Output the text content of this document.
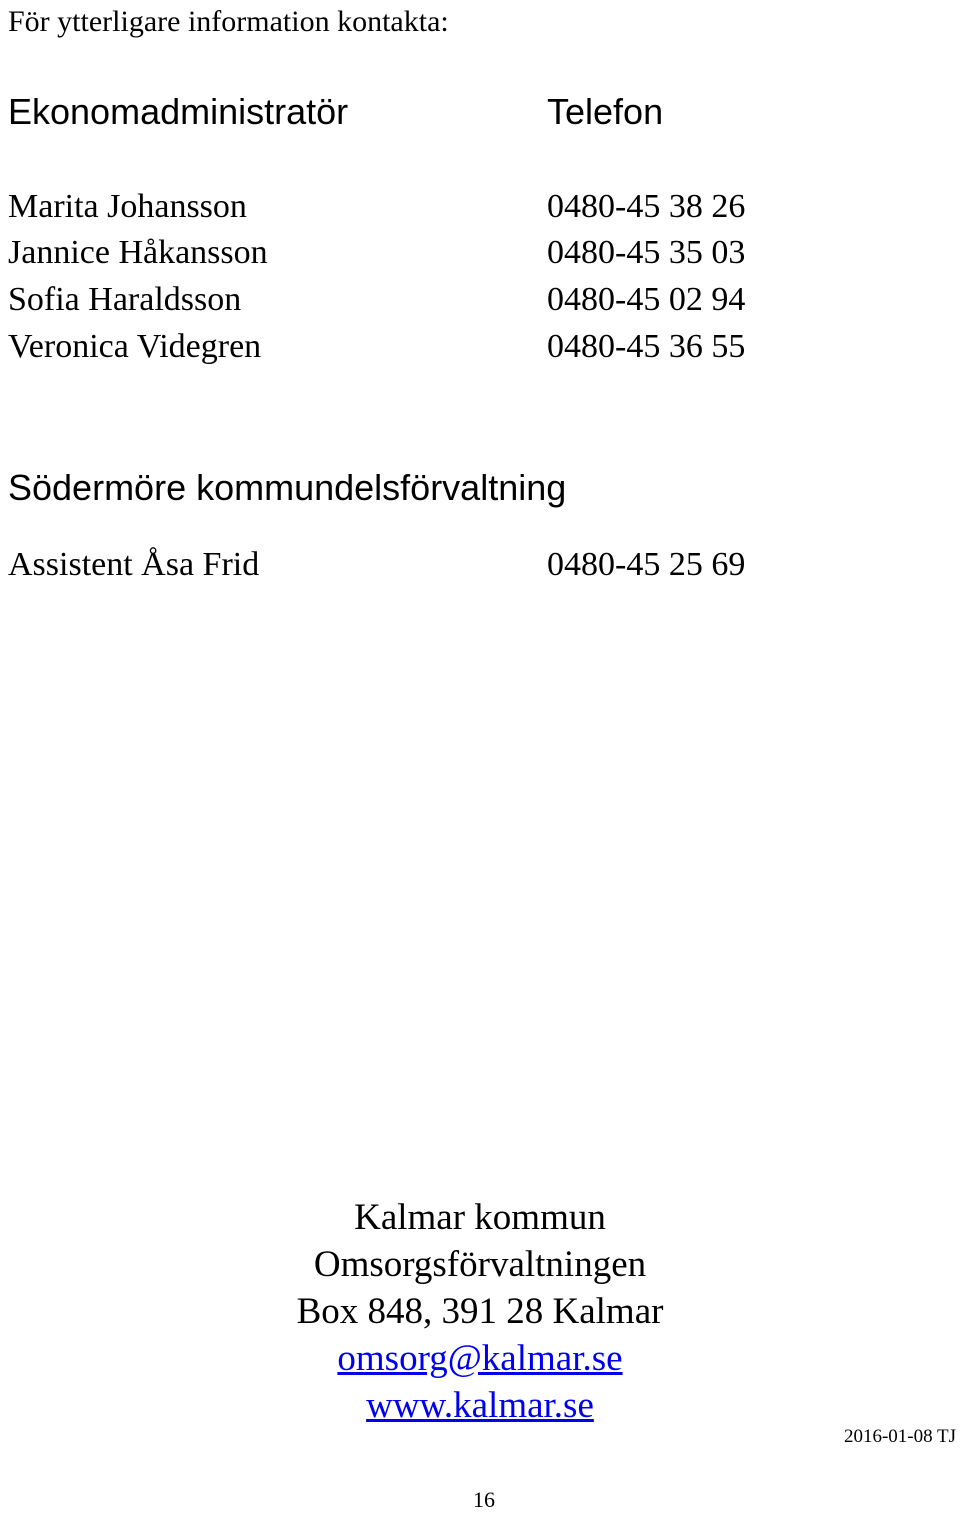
För ytterligare information kontakta:
Ekonomadministratör	Telefon
Marita Johansson	0480-45 38 26
Jannice Håkansson	0480-45 35 03
Sofia Haraldsson	0480-45 02 94
Veronica Videgren	0480-45 36 55
Södermöre kommundelsförvaltning
Assistent Åsa Frid	0480-45 25 69
Kalmar kommun
Omsorgsförvaltningen
Box 848, 391 28 Kalmar
omsorg@kalmar.se
www.kalmar.se
2016-01-08 TJ
16
